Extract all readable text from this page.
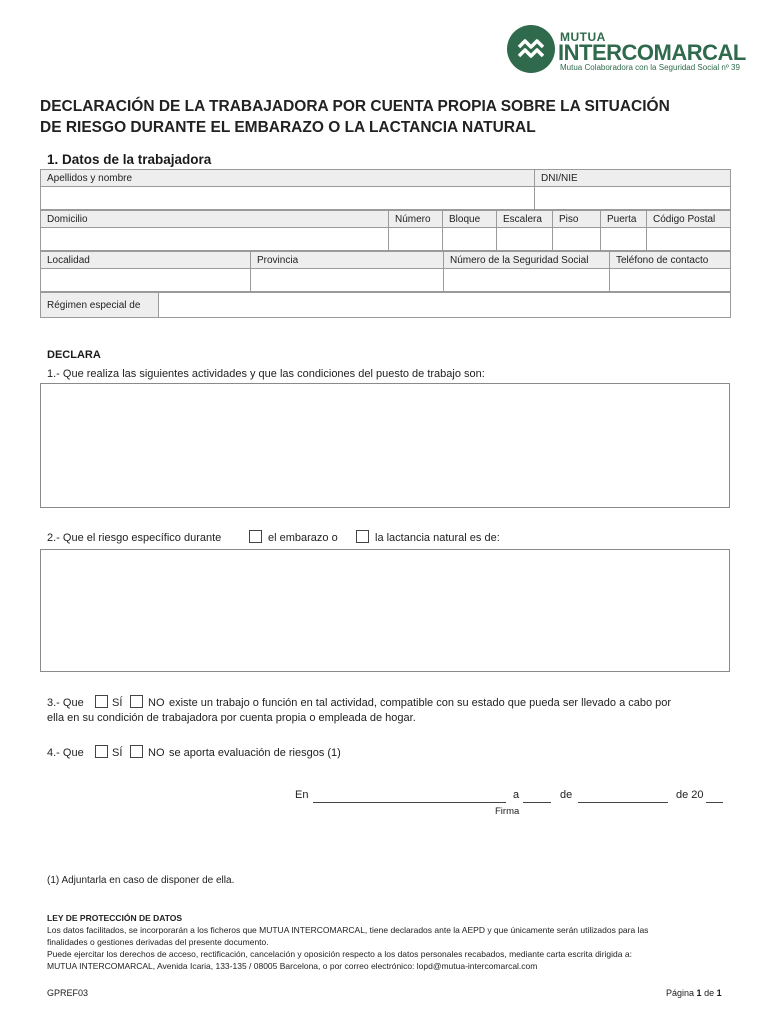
MUTUA
INTERCOMARCAL
Mutua Colaboradora con la Seguridad Social nº 39
DECLARACIÓN DE LA TRABAJADORA POR CUENTA PROPIA SOBRE LA SITUACIÓN
DE RIESGO DURANTE EL EMBARAZO O LA LACTANCIA NATURAL
1. Datos de la trabajadora
Apellidos y nombre	DNI/NIE

Domicilio	Número	Bloque	Escalera	Piso	Puerta	Código Postal

Localidad	Provincia	Número de la Seguridad Social	Teléfono de contacto

Régimen especial de	
DECLARA
1.- Que realiza las siguientes actividades y que las condiciones del puesto de trabajo son:
2.- Que el riesgo específico durante	el embarazo o	la lactancia natural es de:
3.- Que	SÍ NO existe un trabajo o función en tal actividad, compatible con su estado que pueda ser llevado a cabo por
ella en su condición de trabajadora por cuenta propia o empleada de hogar.
4.- Que	SÍ NO se aporta evaluación de riesgos (1)
En	a	de	de 20
Firma
(1) Adjuntarla en caso de disponer de ella.
LEY DE PROTECCIÓN DE DATOS
Los datos facilitados, se incorporarán a los ficheros que MUTUA INTERCOMARCAL, tiene declarados ante la AEPD y que únicamente serán utilizados para las
finalidades o gestiones derivadas del presente documento.
Puede ejercitar los derechos de acceso, rectificación, cancelación y oposición respecto a los datos personales recabados, mediante carta escrita dirigida a:
MUTUA INTERCOMARCAL, Avenida Icaria, 133-135 / 08005 Barcelona, o por correo electrónico: lopd@mutua-intercomarcal.com
GPREF03	Página 1 de 1
